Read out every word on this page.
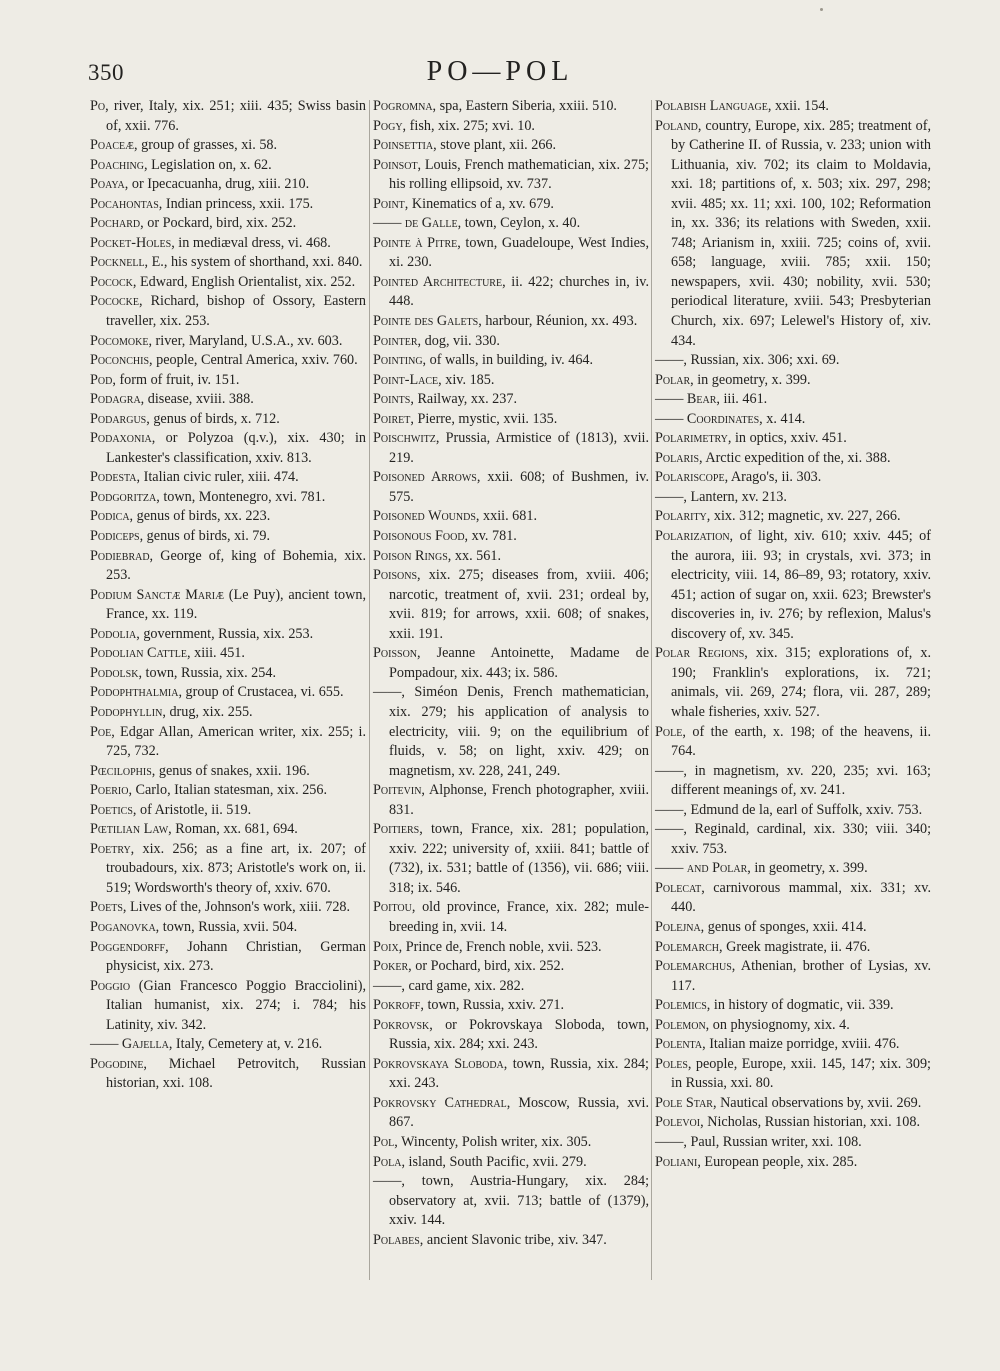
350	PO—POL

Po, river, Italy, xix. 251; xiii. 435; Swiss basin of, xxii. 776.

Poaceæ, group of grasses, xi. 58.

Poaching, Legislation on, x. 62.

Poaya, or Ipecacuanha, drug, xiii. 210.

Pocahontas, Indian princess, xxii. 175.

Pochard, or Pockard, bird, xix. 252.

Pocket-Holes, in mediæval dress, vi. 468.

Pocknell, E., his system of shorthand, xxi. 840.

Pocock, Edward, English Orientalist, xix. 252.

Pococke, Richard, bishop of Ossory, Eastern traveller, xix. 253.

Pocomoke, river, Maryland, U.S.A., xv. 603.

Poconchis, people, Central America, xxiv. 760.

Pod, form of fruit, iv. 151.

Podagra, disease, xviii. 388.

Podargus, genus of birds, x. 712.

Podaxonia, or Polyzoa (q.v.), xix. 430; in Lankester's classification, xxiv. 813.

Podesta, Italian civic ruler, xiii. 474.

Podgoritza, town, Montenegro, xvi. 781.

Podica, genus of birds, xx. 223.

Podiceps, genus of birds, xi. 79.

Podiebrad, George of, king of Bohemia, xix. 253.

Podium Sanctæ Mariæ (Le Puy), ancient town, France, xx. 119.

Podolia, government, Russia, xix. 253.

Podolian Cattle, xiii. 451.

Podolsk, town, Russia, xix. 254.

Podophthalmia, group of Crustacea, vi. 655.

Podophyllin, drug, xix. 255.

Poe, Edgar Allan, American writer, xix. 255; i. 725, 732.

Pœcilophis, genus of snakes, xxii. 196.

Poerio, Carlo, Italian statesman, xix. 256.

Poetics, of Aristotle, ii. 519.

Pœtilian Law, Roman, xx. 681, 694.

Poetry, xix. 256; as a fine art, ix. 207; of troubadours, xix. 873; Aristotle's work on, ii. 519; Wordsworth's theory of, xxiv. 670.

Poets, Lives of the, Johnson's work, xiii. 728.

Poganovka, town, Russia, xvii. 504.

Poggendorff, Johann Christian, German physicist, xix. 273.

Poggio (Gian Francesco Poggio Bracciolini), Italian humanist, xix. 274; i. 784; his Latinity, xiv. 342.

—— Gajella, Italy, Cemetery at, v. 216.

Pogodine, Michael Petrovitch, Russian historian, xxi. 108.

Pogromna, spa, Eastern Siberia, xxiii. 510.

Pogy, fish, xix. 275; xvi. 10.

Poinsettia, stove plant, xii. 266.

Poinsot, Louis, French mathematician, xix. 275; his rolling ellipsoid, xv. 737.

Point, Kinematics of a, xv. 679.

—— de Galle, town, Ceylon, x. 40.

Pointe à Pitre, town, Guadeloupe, West Indies, xi. 230.

Pointed Architecture, ii. 422; churches in, iv. 448.

Pointe des Galets, harbour, Réunion, xx. 493.

Pointer, dog, vii. 330.

Pointing, of walls, in building, iv. 464.

Point-Lace, xiv. 185.

Points, Railway, xx. 237.

Poiret, Pierre, mystic, xvii. 135.

Poischwitz, Prussia, Armistice of (1813), xvii. 219.

Poisoned Arrows, xxii. 608; of Bushmen, iv. 575.

Poisoned Wounds, xxii. 681.

Poisonous Food, xv. 781.

Poison Rings, xx. 561.

Poisons, xix. 275; diseases from, xviii. 406; narcotic, treatment of, xvii. 231; ordeal by, xvii. 819; for arrows, xxii. 608; of snakes, xxii. 191.

Poisson, Jeanne Antoinette, Madame de Pompadour, xix. 443; ix. 586.

——, Siméon Denis, French mathematician, xix. 279; his application of analysis to electricity, viii. 9; on the equilibrium of fluids, v. 58; on light, xxiv. 429; on magnetism, xv. 228, 241, 249.

Poitevin, Alphonse, French photographer, xviii. 831.

Poitiers, town, France, xix. 281; population, xxiv. 222; university of, xxiii. 841; battle of (732), ix. 531; battle of (1356), vii. 686; viii. 318; ix. 546.

Poitou, old province, France, xix. 282; mule-breeding in, xvii. 14.

Poix, Prince de, French noble, xvii. 523.

Poker, or Pochard, bird, xix. 252.

——, card game, xix. 282.

Pokroff, town, Russia, xxiv. 271.

Pokrovsk, or Pokrovskaya Sloboda, town, Russia, xix. 284; xxi. 243.

Pokrovskaya Sloboda, town, Russia, xix. 284; xxi. 243.

Pokrovsky Cathedral, Moscow, Russia, xvi. 867.

Pol, Wincenty, Polish writer, xix. 305.

Pola, island, South Pacific, xvii. 279.

——, town, Austria-Hungary, xix. 284; observatory at, xvii. 713; battle of (1379), xxiv. 144.

Polabes, ancient Slavonic tribe, xiv. 347.

Polabish Language, xxii. 154.

Poland, country, Europe, xix. 285; treatment of, by Catherine II. of Russia, v. 233; union with Lithuania, xiv. 702; its claim to Moldavia, xxi. 18; partitions of, x. 503; xix. 297, 298; xvii. 485; xx. 11; xxi. 100, 102; Reformation in, xx. 336; its relations with Sweden, xxii. 748; Arianism in, xxiii. 725; coins of, xvii. 658; language, xviii. 785; xxii. 150; newspapers, xvii. 430; nobility, xvii. 530; periodical literature, xviii. 543; Presbyterian Church, xix. 697; Lelewel's History of, xiv. 434.

——, Russian, xix. 306; xxi. 69.

Polar, in geometry, x. 399.

—— Bear, iii. 461.

—— Coordinates, x. 414.

Polarimetry, in optics, xxiv. 451.

Polaris, Arctic expedition of the, xi. 388.

Polariscope, Arago's, ii. 303.

——, Lantern, xv. 213.

Polarity, xix. 312; magnetic, xv. 227, 266.

Polarization, of light, xiv. 610; xxiv. 445; of the aurora, iii. 93; in crystals, xvi. 373; in electricity, viii. 14, 86–89, 93; rotatory, xxiv. 451; action of sugar on, xxii. 623; Brewster's discoveries in, iv. 276; by reflexion, Malus's discovery of, xv. 345.

Polar Regions, xix. 315; explorations of, x. 190; Franklin's explorations, ix. 721; animals, vii. 269, 274; flora, vii. 287, 289; whale fisheries, xxiv. 527.

Pole, of the earth, x. 198; of the heavens, ii. 764.

——, in magnetism, xv. 220, 235; xvi. 163; different meanings of, xv. 241.

——, Edmund de la, earl of Suffolk, xxiv. 753.

——, Reginald, cardinal, xix. 330; viii. 340; xxiv. 753.

—— and Polar, in geometry, x. 399.

Polecat, carnivorous mammal, xix. 331; xv. 440.

Polejna, genus of sponges, xxii. 414.

Polemarch, Greek magistrate, ii. 476.

Polemarchus, Athenian, brother of Lysias, xv. 117.

Polemics, in history of dogmatic, vii. 339.

Polemon, on physiognomy, xix. 4.

Polenta, Italian maize porridge, xviii. 476.

Poles, people, Europe, xxii. 145, 147; xix. 309; in Russia, xxi. 80.

Pole Star, Nautical observations by, xvii. 269.

Polevoi, Nicholas, Russian historian, xxi. 108.

——, Paul, Russian writer, xxi. 108.

Poliani, European people, xix. 285.
